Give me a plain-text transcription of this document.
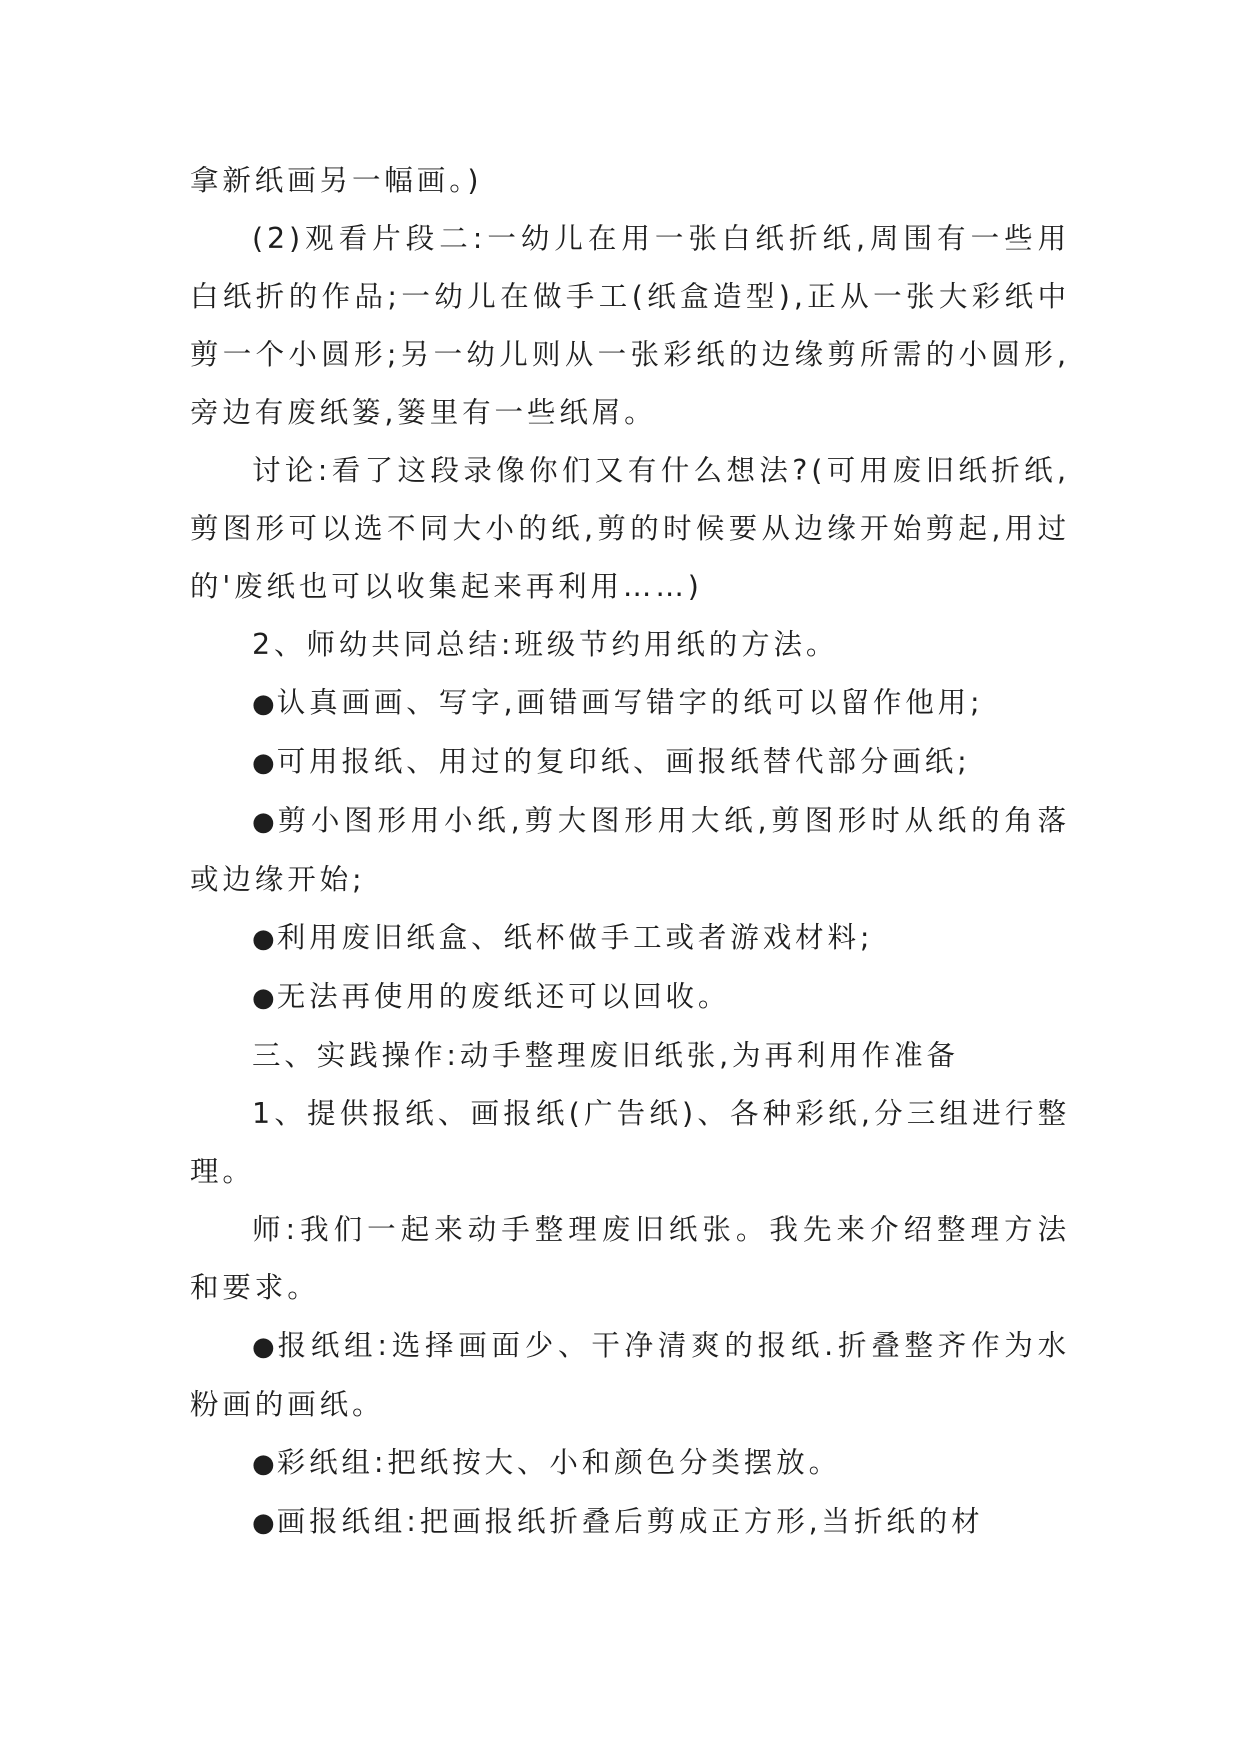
拿新纸画另一幅画。)

(2)观看片段二:一幼儿在用一张白纸折纸,周围有一些用白纸折的作品;一幼儿在做手工(纸盒造型),正从一张大彩纸中剪一个小圆形;另一幼儿则从一张彩纸的边缘剪所需的小圆形,旁边有废纸篓,篓里有一些纸屑。

讨论:看了这段录像你们又有什么想法?(可用废旧纸折纸,剪图形可以选不同大小的纸,剪的时候要从边缘开始剪起,用过的'废纸也可以收集起来再利用……)

2、师幼共同总结:班级节约用纸的方法。

●认真画画、写字,画错画写错字的纸可以留作他用;

●可用报纸、用过的复印纸、画报纸替代部分画纸;

●剪小图形用小纸,剪大图形用大纸,剪图形时从纸的角落或边缘开始;

●利用废旧纸盒、纸杯做手工或者游戏材料;

●无法再使用的废纸还可以回收。

三、实践操作:动手整理废旧纸张,为再利用作准备

1、提供报纸、画报纸(广告纸)、各种彩纸,分三组进行整理。

师:我们一起来动手整理废旧纸张。我先来介绍整理方法和要求。

●报纸组:选择画面少、干净清爽的报纸.折叠整齐作为水粉画的画纸。

●彩纸组:把纸按大、小和颜色分类摆放。

●画报纸组:把画报纸折叠后剪成正方形,当折纸的材
